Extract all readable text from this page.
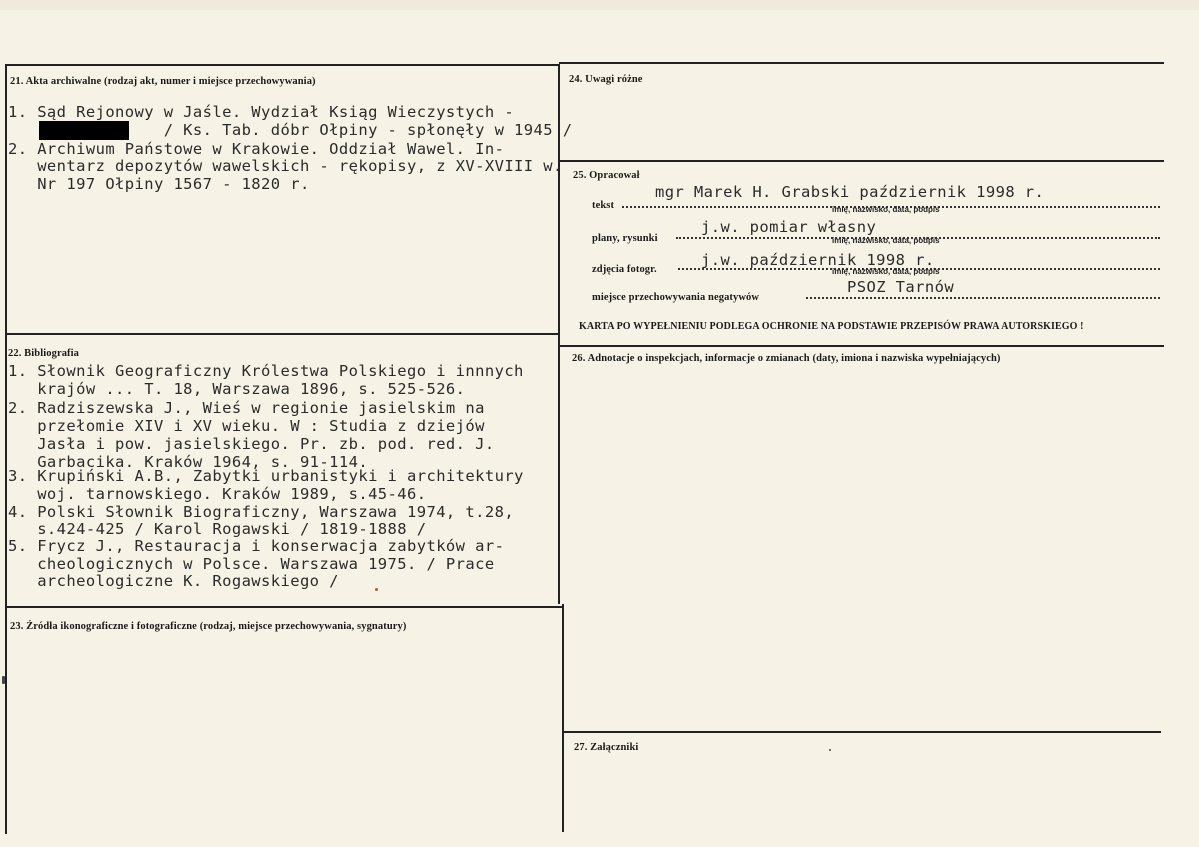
21. Akta archiwalne (rodzaj akt, numer i miejsce przechowywania)
1. Sąd Rejonowy w Jaśle. Wydział Ksiąg Wieczystych -
/ Ks. Tab. dóbr Ołpiny - spłonęły w 1945 /
2. Archiwum Państowe w Krakowie. Oddział Wawel. In-
wentarz depozytów wawelskich - rękopisy, z XV-XVIII w.
Nr 197 Ołpiny 1567 - 1820 r.
22. Bibliografia
1. Słownik Geograficzny Królestwa Polskiego i innnych
krajów ... T. 18, Warszawa 1896, s. 525-526.
2. Radziszewska J., Wieś w regionie jasielskim na
przełomie XIV i XV wieku. W : Studia z dziejów
Jasła i pow. jasielskiego. Pr. zb. pod. red. J.
Garbacika. Kraków 1964, s. 91-114.
3. Krupiński A.B., Zabytki urbanistyki i architektury
woj. tarnowskiego. Kraków 1989, s.45-46.
4. Polski Słownik Biograficzny, Warszawa 1974, t.28,
s.424-425 / Karol Rogawski / 1819-1888 /
5. Frycz J., Restauracja i konserwacja zabytków ar-
cheologicznych w Polsce. Warszawa 1975. / Prace
archeologiczne K. Rogawskiego /
23. Źródła ikonograficzne i fotograficzne (rodzaj, miejsce przechowywania, sygnatury)
24. Uwagi różne
25. Opracował
tekst
mgr Marek H. Grabski październik 1998 r.
imię, nazwisko, data, podpis
plany, rysunki
j.w. pomiar własny
imię, nazwisko, data, podpis
zdjęcia fotogr.
j.w. październik 1998 r.
imię, nazwisko, data, podpis
miejsce przechowywania negatywów
PSOZ Tarnów
KARTA PO WYPEŁNIENIU PODLEGA OCHRONIE NA PODSTAWIE PRZEPISÓW PRAWA AUTORSKIEGO !
26. Adnotacje o inspekcjach, informacje o zmianach (daty, imiona i nazwiska wypełniających)
27. Załączniki
